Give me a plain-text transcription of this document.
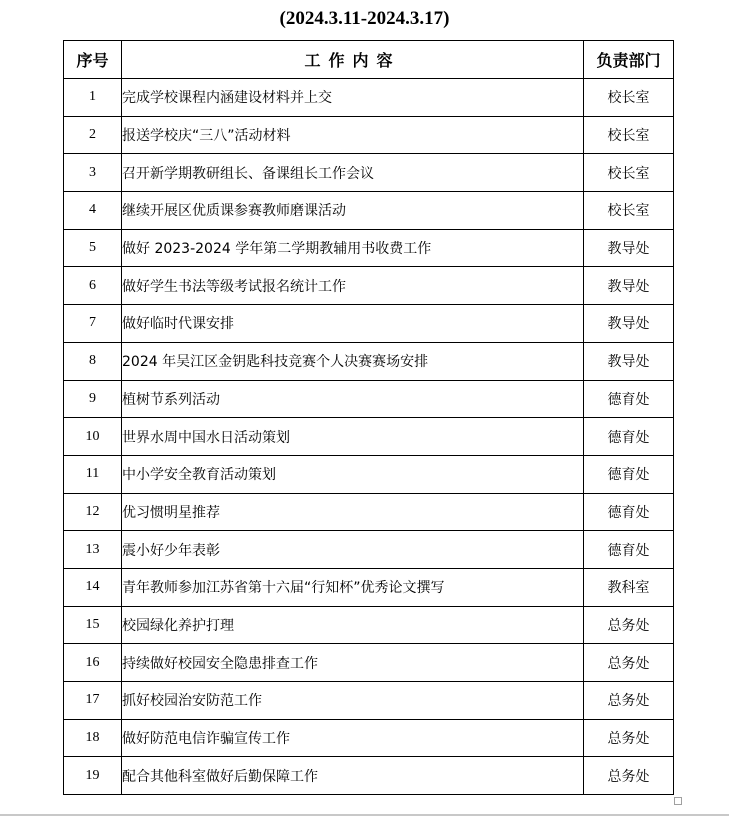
(2024.3.11-2024.3.17)
序号	工作内容	负责部门
1	完成学校课程内涵建设材料并上交	校长室
2	报送学校庆“三八”活动材料	校长室
3	召开新学期教研组长、备课组长工作会议	校长室
4	继续开展区优质课参赛教师磨课活动	校长室
5	做好 2023-2024 学年第二学期教辅用书收费工作	教导处
6	做好学生书法等级考试报名统计工作	教导处
7	做好临时代课安排	教导处
8	2024 年吴江区金钥匙科技竞赛个人决赛赛场安排	教导处
9	植树节系列活动	德育处
10	世界水周中国水日活动策划	德育处
11	中小学安全教育活动策划	德育处
12	优习惯明星推荐	德育处
13	震小好少年表彰	德育处
14	青年教师参加江苏省第十六届“行知杯”优秀论文撰写	教科室
15	校园绿化养护打理	总务处
16	持续做好校园安全隐患排查工作	总务处
17	抓好校园治安防范工作	总务处
18	做好防范电信诈骗宣传工作	总务处
19	配合其他科室做好后勤保障工作	总务处
